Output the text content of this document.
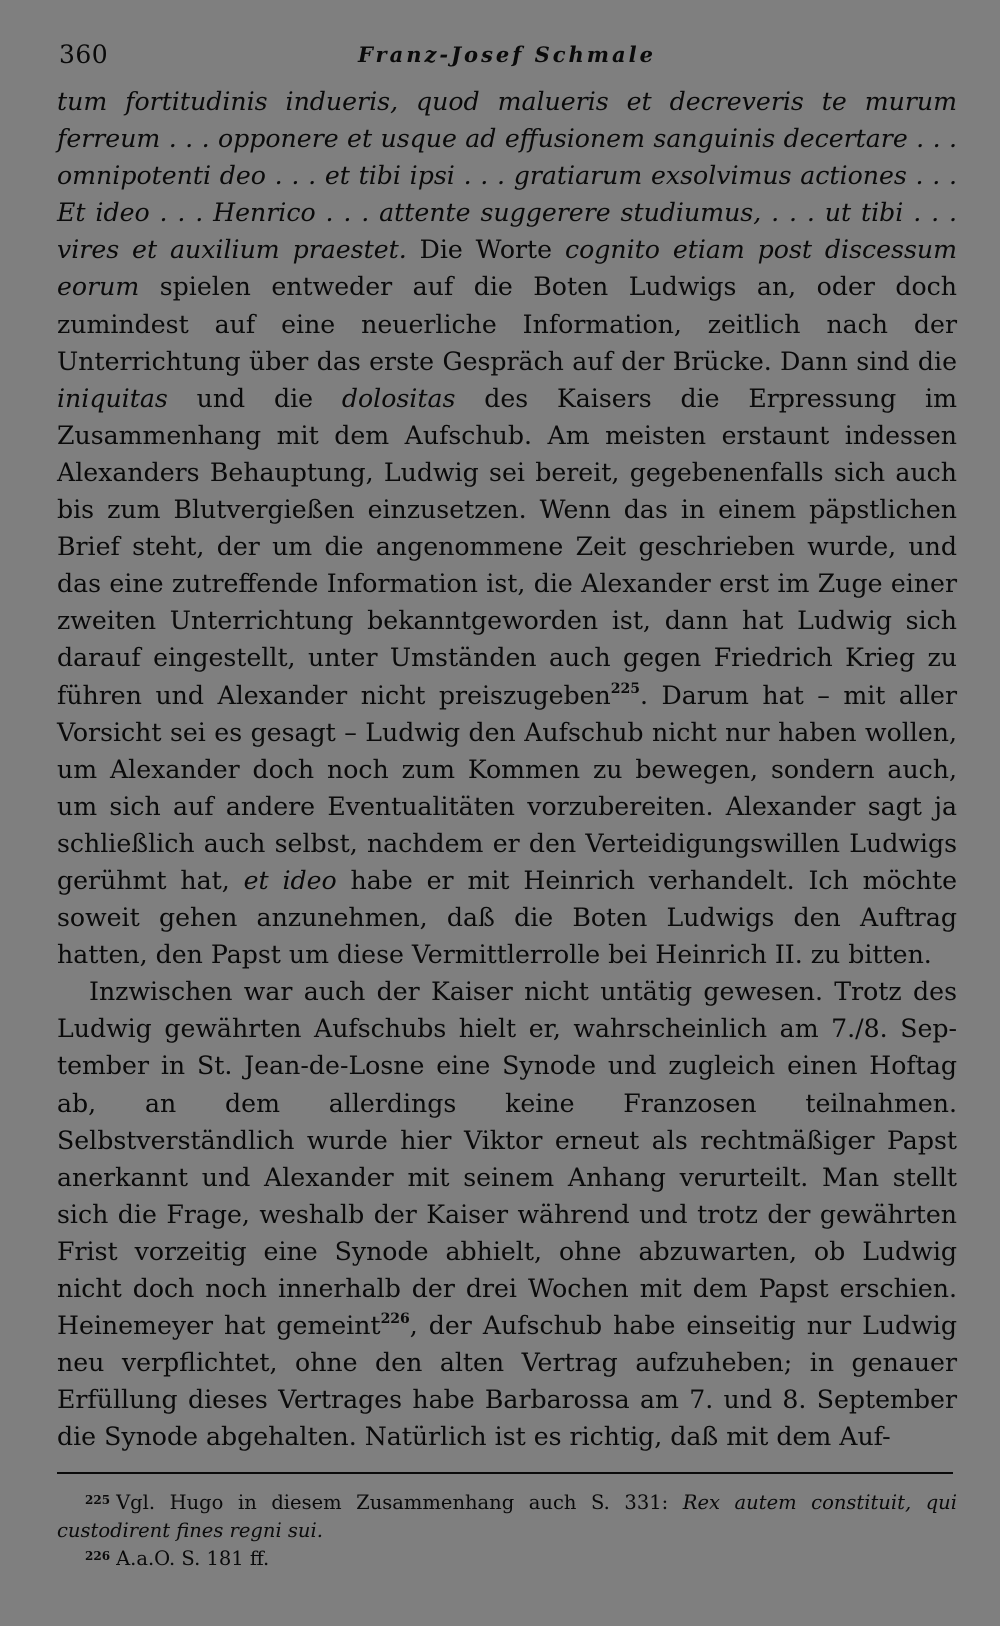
360	Franz-Josef Schmale

tum fortitudinis indueris, quod malueris et decreveris te murum ferreum . . . opponere et usque ad effusionem sanguinis decertare . . . omnipotenti deo . . . et tibi ipsi . . . gratiarum exsolvimus actiones . . . Et ideo . . . Henrico . . . attente suggerere studiumus, . . . ut tibi . . . vires et auxilium praestet. Die Worte cognito etiam post discessum eorum spielen entweder auf die Boten Ludwigs an, oder doch zumindest auf eine neuerliche Information, zeitlich nach der Unterrichtung über das erste Gespräch auf der Brücke. Dann sind die iniquitas und die dolositas des Kaisers die Erpressung im Zusammenhang mit dem Aufschub. Am meisten erstaunt indessen Alexanders Behauptung, Ludwig sei bereit, gegebenenfalls sich auch bis zum Blutvergießen einzusetzen. Wenn das in einem päpstlichen Brief steht, der um die angenommene Zeit geschrieben wurde, und das eine zutreffende Information ist, die Alexander erst im Zuge einer zweiten Unterrichtung bekanntgeworden ist, dann hat Ludwig sich darauf eingestellt, unter Umständen auch gegen Friedrich Krieg zu führen und Alexander nicht preiszugeben$^{225}$. Darum hat – mit aller Vorsicht sei es gesagt – Ludwig den Aufschub nicht nur haben wollen, um Alexander doch noch zum Kommen zu bewegen, sondern auch, um sich auf andere Eventualitäten vorzubereiten. Alexander sagt ja schließlich auch selbst, nachdem er den Verteidigungswillen Ludwigs gerühmt hat, et ideo habe er mit Heinrich verhandelt. Ich möchte soweit gehen anzunehmen, daß die Boten Ludwigs den Auftrag hatten, den Papst um diese Vermittlerrolle bei Heinrich II. zu bitten.

Inzwischen war auch der Kaiser nicht untätig gewesen. Trotz des Ludwig gewährten Aufschubs hielt er, wahrscheinlich am 7./8. September in St. Jean-de-Losne eine Synode und zugleich einen Hoftag ab, an dem allerdings keine Franzosen teilnahmen. Selbstverständlich wurde hier Viktor erneut als rechtmäßiger Papst anerkannt und Alexander mit seinem Anhang verurteilt. Man stellt sich die Frage, weshalb der Kaiser während und trotz der gewährten Frist vorzeitig eine Synode abhielt, ohne abzuwarten, ob Ludwig nicht doch noch innerhalb der drei Wochen mit dem Papst erschien. Heinemeyer hat gemeint$^{226}$, der Aufschub habe einseitig nur Ludwig neu verpflichtet, ohne den alten Vertrag aufzuheben; in genauer Erfüllung dieses Vertrages habe Barbarossa am 7. und 8. September die Synode abgehalten. Natürlich ist es richtig, daß mit dem Auf-

$^{225}$ Vgl. Hugo in diesem Zusammenhang auch S. 331: Rex autem constituit, qui custodirent fines regni sui.

$^{226}$ A.a.O. S. 181 ff.
